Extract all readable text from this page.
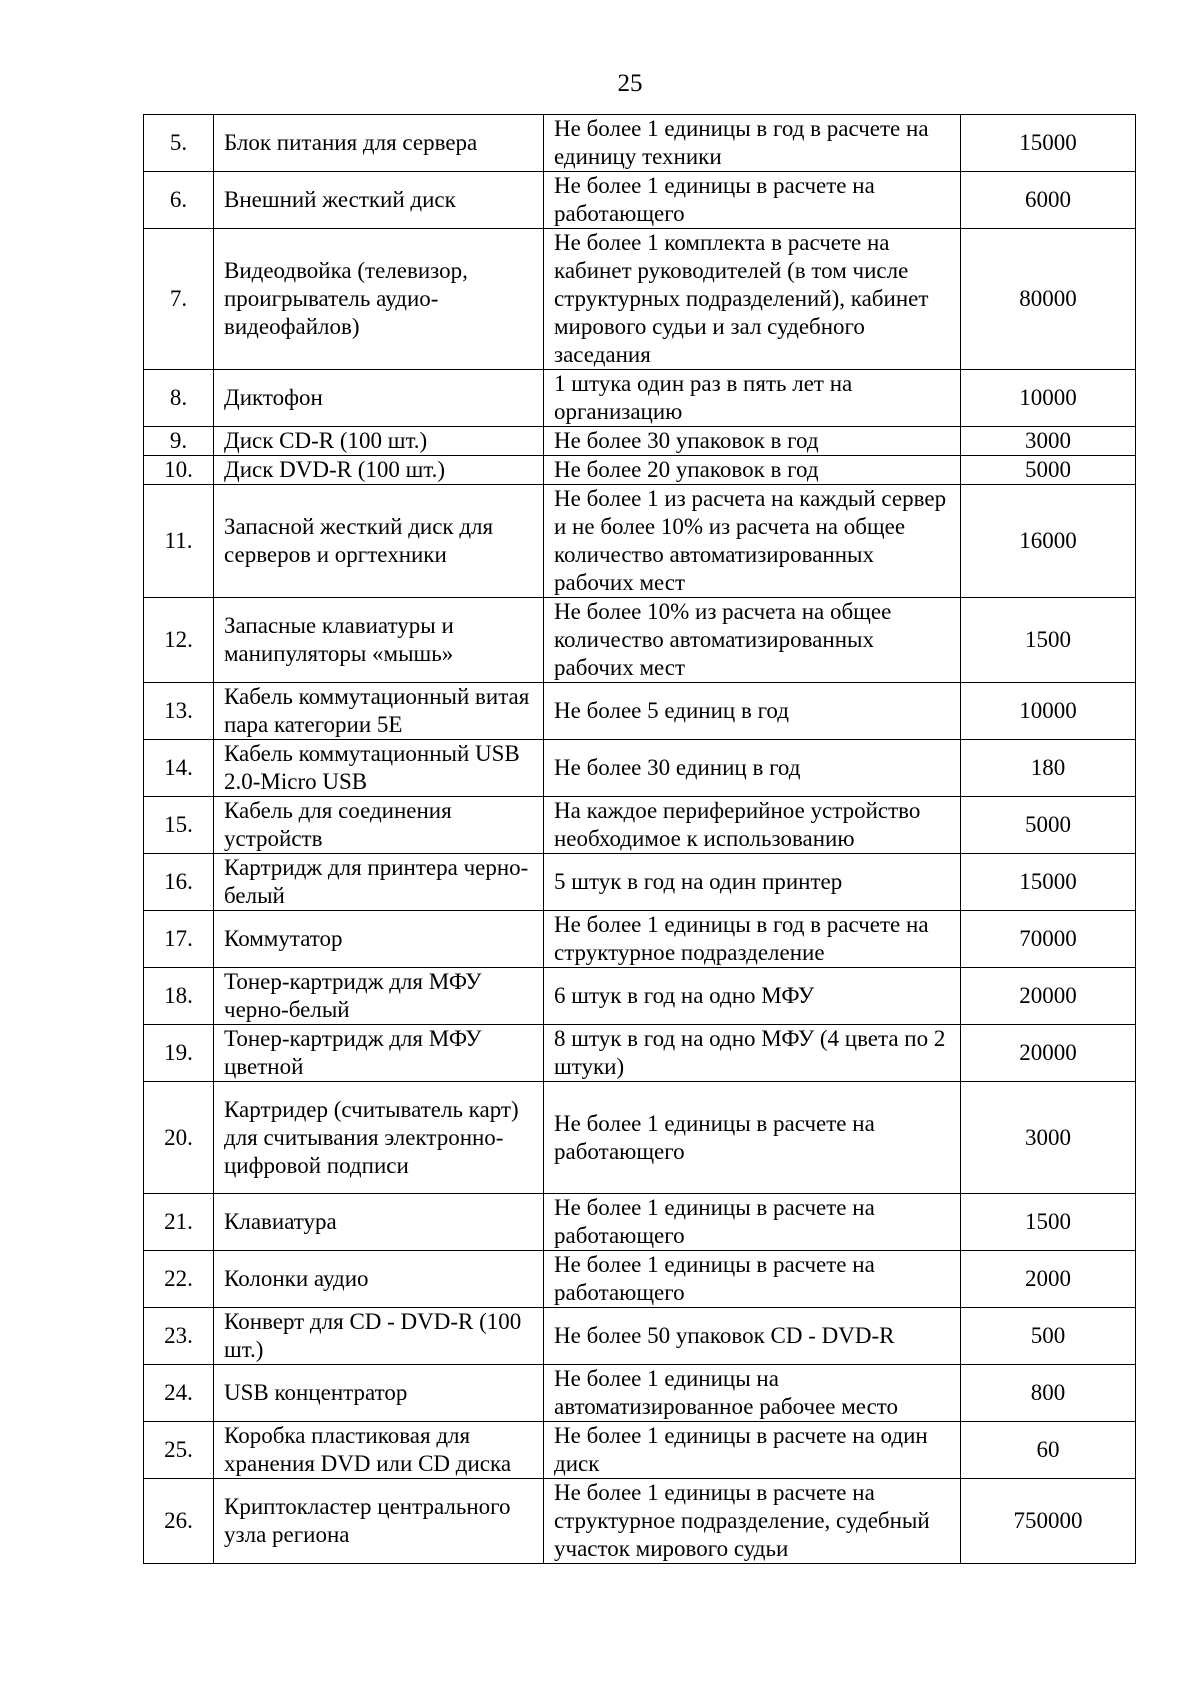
25
5.	Блок питания для сервера	Не более 1 единицы в год в расчете на единицу техники	15000
6.	Внешний жесткий диск	Не более 1 единицы в расчете на работающего	6000
7.	Видеодвойка (телевизор, проигрыватель аудио-видеофайлов)	Не более 1 комплекта в расчете на кабинет руководителей (в том числе структурных подразделений), кабинет мирового судьи и зал судебного заседания	80000
8.	Диктофон	1 штука один раз в пять лет на организацию	10000
9.	Диск CD-R (100 шт.)	Не более 30 упаковок в год	3000
10.	Диск DVD-R (100 шт.)	Не более 20 упаковок в год	5000
11.	Запасной жесткий диск для серверов и оргтехники	Не более 1 из расчета на каждый сервер и не более 10% из расчета на общее количество автоматизированных рабочих мест	16000
12.	Запасные клавиатуры и манипуляторы «мышь»	Не более 10% из расчета на общее количество автоматизированных рабочих мест	1500
13.	Кабель коммутационный витая пара категории 5Е	Не более 5 единиц в год	10000
14.	Кабель коммутационный USB 2.0-Micro USB	Не более 30 единиц в год	180
15.	Кабель для соединения устройств	На каждое периферийное устройство необходимое к использованию	5000
16.	Картридж для принтера черно-белый	5 штук в год на один принтер	15000
17.	Коммутатор	Не более 1 единицы в год в расчете на структурное подразделение	70000
18.	Тонер-картридж для МФУ черно-белый	6 штук в год на одно МФУ	20000
19.	Тонер-картридж для МФУ цветной	8 штук в год на одно МФУ (4 цвета по 2 штуки)	20000
20.	Картридер (считыватель карт) для считывания электронно-цифровой подписи	Не более 1 единицы в расчете на работающего	3000
21.	Клавиатура	Не более 1 единицы в расчете на работающего	1500
22.	Колонки аудио	Не более 1 единицы в расчете на работающего	2000
23.	Конверт для CD - DVD-R (100 шт.)	Не более 50 упаковок CD - DVD-R	500
24.	USB концентратор	Не более 1 единицы на автоматизированное рабочее место	800
25.	Коробка пластиковая для хранения DVD или CD диска	Не более 1 единицы в расчете на один диск	60
26.	Криптокластер центрального узла региона	Не более 1 единицы в расчете на структурное подразделение, судебный участок мирового судьи	750000
